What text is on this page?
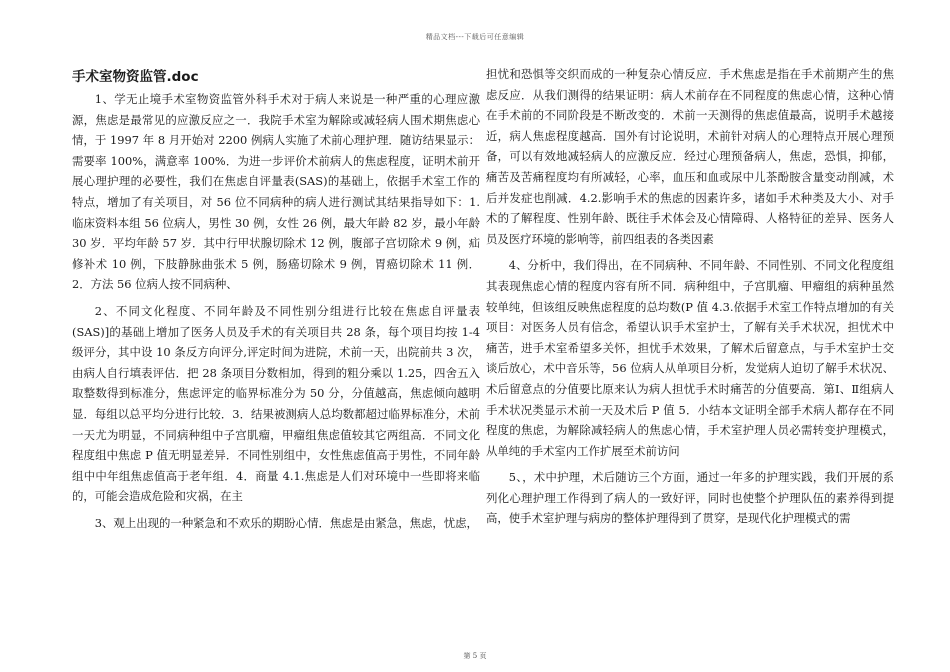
精品文档---下载后可任意编辑
手术室物资监管.doc

1、学无止境手术室物资监管外科手术对于病人来说是一种严重的心理应激源，焦虑是最常见的应激反应之一．我院手术室为解除或减轻病人围术期焦虑心情，于 1997 年 8 月开始对 2200 例病人实施了术前心理护理．随访结果显示：需要率 100%，满意率 100%．为进一步评价术前病人的焦虑程度，证明术前开展心理护理的必要性，我们在焦虑自评量表(SAS)的基础上，依据手术室工作的特点，增加了有关项目，对 56 位不同病种的病人进行测试其结果指导如下：1.临床资料本组 56 位病人，男性 30 例，女性 26 例，最大年龄 82 岁，最小年龄 30 岁．平均年龄 57 岁．其中行甲状腺切除术 12 例，腹部子宫切除术 9 例，疝修补术 10 例，下肢静脉曲张术 5 例，肠癌切除术 9 例，胃癌切除术 11 例．2．方法 56 位病人按不同病种、

2、不同文化程度、不同年龄及不同性别分组进行比较在焦虑自评量表(SAS)]的基础上增加了医务人员及手术的有关项目共 28 条，每个项目均按 1-4 级评分，其中设 10 条反方向评分,评定时间为进院，术前一天，出院前共 3 次，由病人自行填表评估．把 28 条项目分数相加，得到的粗分乘以 1.25，四舍五入取整数得到标准分，焦虑评定的临界标准分为 50 分，分值越高，焦虑倾向越明显．每组以总平均分进行比较．3．结果被测病人总均数都超过临界标准分，术前一天尤为明显，不同病种组中子宫肌瘤，甲瘤组焦虑值较其它两组高．不同文化程度组中焦虑 P 值无明显差异．不同性别组中，女性焦虑值高于男性，不同年龄组中中年组焦虑值高于老年组．4．商量 4.1.焦虑是人们对环境中一些即将来临的，可能会造成危险和灾祸，在主

3、观上出现的一种紧急和不欢乐的期盼心情．焦虑是由紧急，焦虑，忧虑，

担忧和恐惧等交织而成的一种复杂心情反应．手术焦虑是指在手术前期产生的焦虑反应．从我们测得的结果证明：病人术前存在不同程度的焦虑心情，这种心情在手术前的不同阶段是不断改变的．术前一天测得的焦虑值最高，说明手术越接近，病人焦虑程度越高．国外有讨论说明，术前针对病人的心理特点开展心理预备，可以有效地减轻病人的应激反应．经过心理预备病人，焦虑，恐惧，抑郁，痛苦及苦痛程度均有所减轻，心率，血压和血或尿中儿茶酚胺含量变动削减，术后并发症也削减．4.2.影响手术的焦虑的因素许多，诸如手术种类及大小、对手术的了解程度、性别年龄、既往手术体会及心情障碍、人格特征的差异、医务人员及医疗环境的影响等，前四组表的各类因素

4、分析中，我们得出，在不同病种、不同年龄、不同性别、不同文化程度组其表现焦虑心情的程度内容有所不同．病种组中，子宫肌瘤、甲瘤组的病种虽然较单纯，但该组反映焦虑程度的总均数(P 值 4.3.依据手术室工作特点增加的有关项目：对医务人员有信念，希望认识手术室护士，了解有关手术状况，担忧术中痛苦，进手术室希望多关怀，担忧手术效果，了解术后留意点，与手术室护士交谈后放心，术中音乐等，56 位病人从单项目分析，发觉病人迫切了解手术状况、术后留意点的分值要比原来认为病人担忧手术时痛苦的分值要高．第Ⅰ、Ⅱ组病人手术状况类显示术前一天及术后 P 值 5．小结本文证明全部手术病人都存在不同程度的焦虑，为解除减轻病人的焦虑心情，手术室护理人员必需转变护理模式，从单纯的手术室内工作扩展至术前访问

5、，术中护理，术后随访三个方面，通过一年多的护理实践，我们开展的系列化心理护理工作得到了病人的一致好评，同时也使整个护理队伍的素养得到提高，使手术室护理与病房的整体护理得到了贯穿，是现代化护理模式的需

第 5 页
